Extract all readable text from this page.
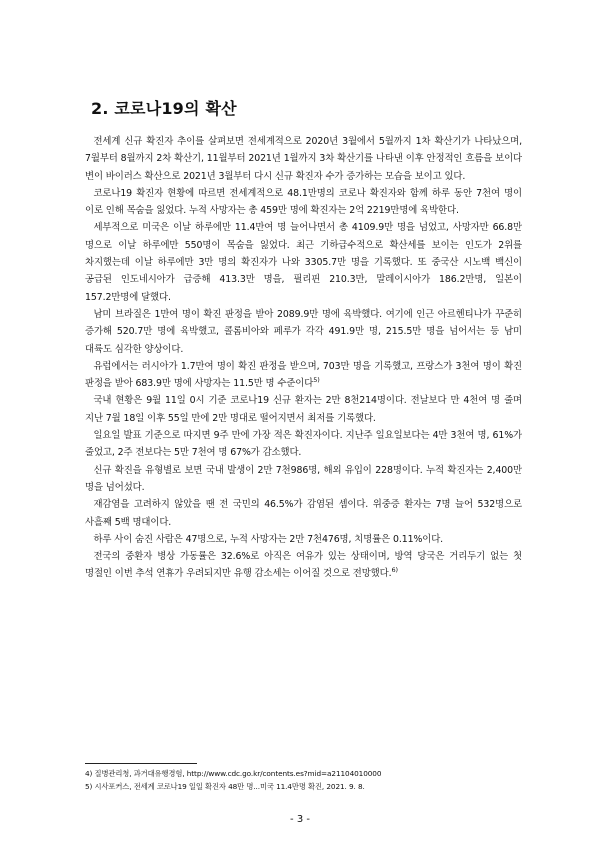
2. 코로나19의 확산

전세계 신규 확진자 추이를 살펴보면 전세계적으로 2020년 3월에서 5월까지 1차 확산기가 나타났으며, 7월부터 8월까지 2차 확산기, 11월부터 2021년 1월까지 3차 확산기를 나타낸 이후 안정적인 흐름을 보이다 변이 바이러스 확산으로 2021년 3월부터 다시 신규 확진자 수가 증가하는 모습을 보이고 있다.

코로나19 확진자 현황에 따르면 전세계적으로 48.1만명의 코로나 확진자와 함께 하루 동안 7천여 명이 이로 인해 목숨을 잃었다. 누적 사망자는 총 459만 명에 확진자는 2억 2219만명에 육박한다.

세부적으로 미국은 이날 하루에만 11.4만여 명 늘어나면서 총 4109.9만 명을 넘었고, 사망자만 66.8만 명으로 이날 하루에만 550명이 목숨을 잃었다. 최근 기하급수적으로 확산세를 보이는 인도가 2위를 차지했는데 이날 하루에만 3만 명의 확진자가 나와 3305.7만 명을 기록했다. 또 중국산 시노백 백신이 공급된 인도네시아가 급증해 413.3만 명을, 필리핀 210.3만, 말레이시아가 186.2만명, 일본이 157.2만명에 달했다.

남미 브라질은 1만여 명이 확진 판정을 받아 2089.9만 명에 육박했다. 여기에 인근 아르헨티나가 꾸준히 증가해 520.7만 명에 육박했고, 콜롬비아와 페루가 각각 491.9만 명, 215.5만 명을 넘어서는 등 남미 대륙도 심각한 양상이다.

유럽에서는 러시아가 1.7만여 명이 확진 판정을 받으며, 703만 명을 기록했고, 프랑스가 3천여 명이 확진 판정을 받아 683.9만 명에 사망자는 11.5만 명 수준이다$^{5)}$

국내 현황은 9월 11일 0시 기준 코로나19 신규 환자는 2만 8천214명이다. 전날보다 만 4천여 명 줄며 지난 7월 18일 이후 55일 만에 2만 명대로 떨어지면서 최저를 기록했다.

일요일 발표 기준으로 따지면 9주 만에 가장 적은 확진자이다. 지난주 일요일보다는 4만 3천여 명, 61%가 줄었고, 2주 전보다는 5만 7천여 명 67%가 감소했다.

신규 확진을 유형별로 보면 국내 발생이 2만 7천986명, 해외 유입이 228명이다. 누적 확진자는 2,400만 명을 넘어섰다.

재감염을 고려하지 않았을 땐 전 국민의 46.5%가 감염된 셈이다. 위중증 환자는 7명 늘어 532명으로 사흘째 5백 명대이다.

하루 사이 숨진 사람은 47명으로, 누적 사망자는 2만 7천476명, 치명률은 0.11%이다.

전국의 중환자 병상 가동률은 32.6%로 아직은 여유가 있는 상태이며, 방역 당국은 거리두기 없는 첫 명절인 이번 추석 연휴가 우려되지만 유행 감소세는 이어질 것으로 전망했다.$^{6)}$

4) 질병관리청, 과거대유행경험, http://www.cdc.go.kr/contents.es?mid=a21104010000

5) 시사포커스, 전세계 코로나19 일일 확진자 48만 명...미국 11.4만명 확진, 2021. 9. 8.

- 3 -
